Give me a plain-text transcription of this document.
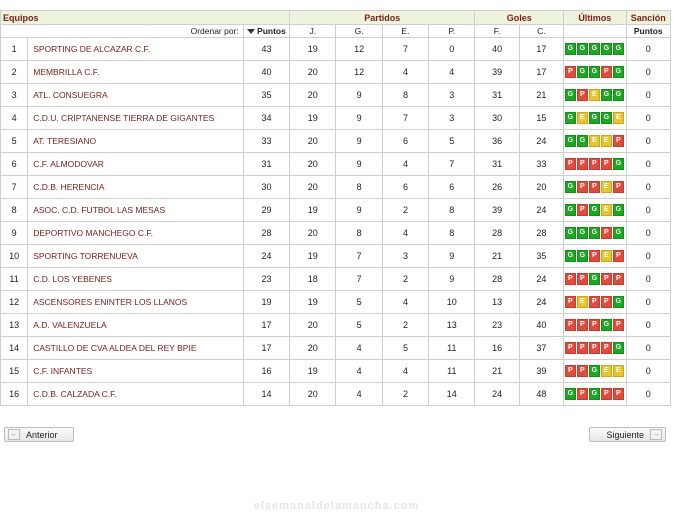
Equipos			Partidos				Goles		Últimos	Sanción
Ordenar por:		Puntos	J.	G.	E.	P.	F.	C.		Puntos
1	SPORTING DE ALCAZAR C.F.	43	19	12	7	0	40	17	G G G G G	0
2	MEMBRILLA C.F.	40	20	12	4	4	39	17	P G G P G	0
3	ATL. CONSUEGRA	35	20	9	8	3	31	21	G P E G G	0
4	C.D.U. CRIPTANENSE TIERRA DE GIGANTES	34	19	9	7	3	30	15	G E G G E	0
5	AT. TERESIANO	33	20	9	6	5	36	24	G G E E P	0
6	C.F. ALMODOVAR	31	20	9	4	7	31	33	P P P P G	0
7	C.D.B. HERENCIA	30	20	8	6	6	26	20	G P P E P	0
8	ASOC. C.D. FUTBOL LAS MESAS	29	19	9	2	8	39	24	G P G E G	0
9	DEPORTIVO MANCHEGO C.F.	28	20	8	4	8	28	28	G G G P G	0
10	SPORTING TORRENUEVA	24	19	7	3	9	21	35	G G P E P	0
11	C.D. LOS YEBENES	23	18	7	2	9	28	24	P P G P P	0
12	ASCENSORES ENINTER LOS LLANOS	19	19	5	4	10	13	24	P E P P G	0
13	A.D. VALENZUELA	17	20	5	2	13	23	40	P P P G P	0
14	CASTILLO DE CVA ALDEA DEL REY BPIE	17	20	4	5	11	16	37	P P P P G	0
15	C.F. INFANTES	16	19	4	4	11	21	39	P P G E E	0
16	C.D.B. CALZADA C.F.	14	20	4	2	14	24	48	G P G P P	0
← Anterior	Siguiente	→
elsemanaldelamancha.com
